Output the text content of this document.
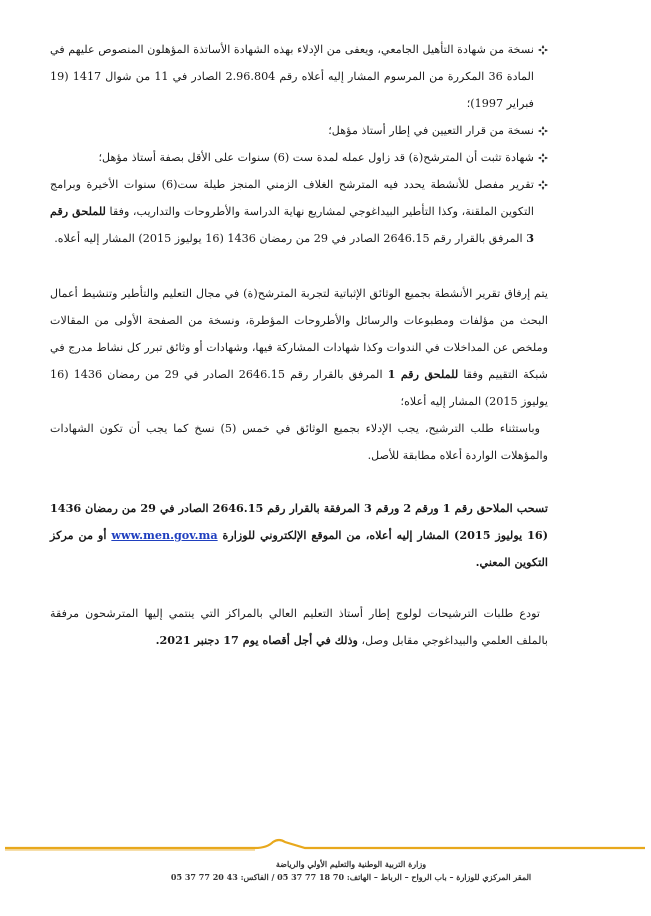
نسخة من شهادة التأهيل الجامعي، ويعفى من الإدلاء بهذه الشهادة الأساتذة المؤهلون المنصوص عليهم في المادة 36 المكررة من المرسوم المشار إليه أعلاه رقم 2.96.804 الصادر في 11 من شوال 1417 (19 فبراير 1997)؛
نسخة من قرار التعيين في إطار أستاذ مؤهل؛
شهادة تثبت أن المترشح(ة) قد زاول عمله لمدة ست (6) سنوات على الأقل بصفة أستاذ مؤهل؛
تقرير مفصل للأنشطة يحدد فيه المترشح الغلاف الزمني المنجز طيلة ست(6) سنوات الأخيرة وبرامج التكوين الملقنة، وكذا التأطير البيداغوجي لمشاريع نهاية الدراسة والأطروحات والتداريب، وفقا للملحق رقم 3 المرفق بالقرار رقم 2646.15 الصادر في 29 من رمضان 1436 (16 يوليوز 2015) المشار إليه أعلاه.

يتم إرفاق تقرير الأنشطة بجميع الوثائق الإثباتية لتجربة المترشح(ة) في مجال التعليم والتأطير وتنشيط أعمال البحث من مؤلفات ومطبوعات والرسائل والأطروحات المؤطرة، ونسخة من الصفحة الأولى من المقالات وملخص عن المداخلات في الندوات وكذا شهادات المشاركة فيها، وشهادات أو وثائق تبرر كل نشاط مدرج في شبكة التقييم وفقا للملحق رقم 1 المرفق بالقرار رقم 2646.15 الصادر في 29 من رمضان 1436 (16 يوليوز 2015) المشار إليه أعلاه؛

وباستثناء طلب الترشيح، يجب الإدلاء بجميع الوثائق في خمس (5) نسخ كما يجب أن تكون الشهادات والمؤهلات الواردة أعلاه مطابقة للأصل.

تسحب الملاحق رقم 1 ورقم 2 ورقم 3 المرفقة بالقرار رقم 2646.15 الصادر في 29 من رمضان 1436 (16 يوليوز 2015) المشار إليه أعلاه، من الموقع الإلكتروني للوزارة www.men.gov.ma أو من مركز التكوين المعني.

تودع طلبات الترشيحات لولوج إطار أستاذ التعليم العالي بالمراكز التي ينتمي إليها المترشحون مرفقة بالملف العلمي والبيداغوجي مقابل وصل، وذلك في أجل أقصاه يوم 17 دجنبر 2021.

وزارة التربية الوطنية والتعليم الأولي والرياضة
المقر المركزي للوزارة – باب الرواح – الرباط – الهاتف: 70 18 77 37 05 / الفاكس: 43 20 77 37 05
